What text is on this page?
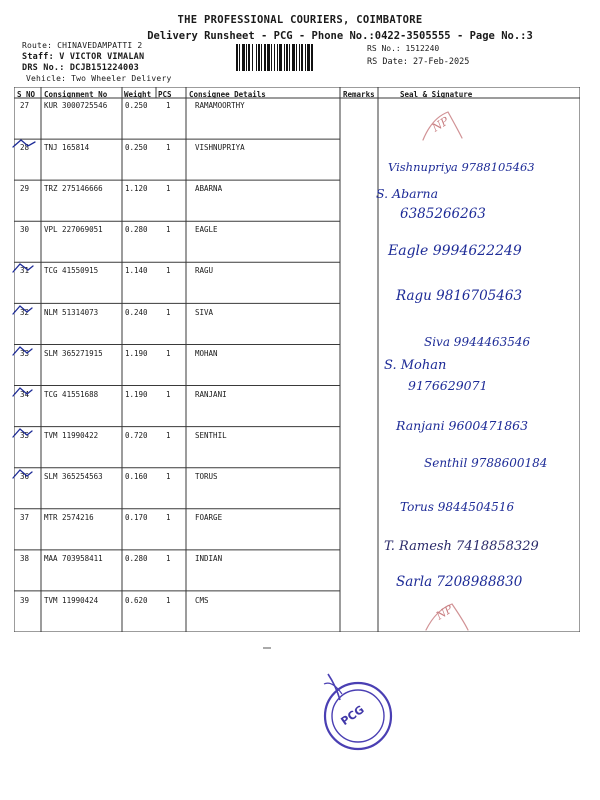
THE PROFESSIONAL COURIERS, COIMBATORE
Delivery Runsheet - PCG - Phone No.:0422-3505555 - Page No.:3
Route: CHINAVEDAMPATTI 2
Staff: V VICTOR VIMALAN
DRS No.: DCJB151224003
Vehicle: Two Wheeler Delivery
RS No.: 1512240
RS Date: 27-Feb-2025
S NO Consignment No Weight PCS Consignee Details	Remarks	Seal & Signature
27 KUR 3000725546 0.250 1	RAMAMOORTHY
28 TNJ 165814	0.250 1	VISHNUPRIYA
29 TRZ 275146666	1.120 1	ABARNA
30 VPL 227069051	0.280 1	EAGLE
31 TCG 41550915	1.140 1	RAGU
32 NLM 51314073	0.240 1	SIVA
33 SLM 365271915	1.190 1	MOHAN
34 TCG 41551688	1.190 1	RANJANI
35 TVM 11990422	0.720 1	SENTHIL
36 SLM 365254563	0.160 1	TORUS
37 MTR 2574216	0.170 1	FOARGE
38 MAA 703958411	0.280 1	INDIAN
39 TVM 11990424	0.620 1	CMS
NP
Vishnupriya 9788105463
S. Abarna
6385266263
Eagle 9994622249
Ragu 9816705463
Siva 9944463546
S. Mohan
9176629071
Ranjani 9600471863
Senthil 9788600184
Torus 9844504516
T. Ramesh 7418858329
Sarla 7208988830
NP
PCG
